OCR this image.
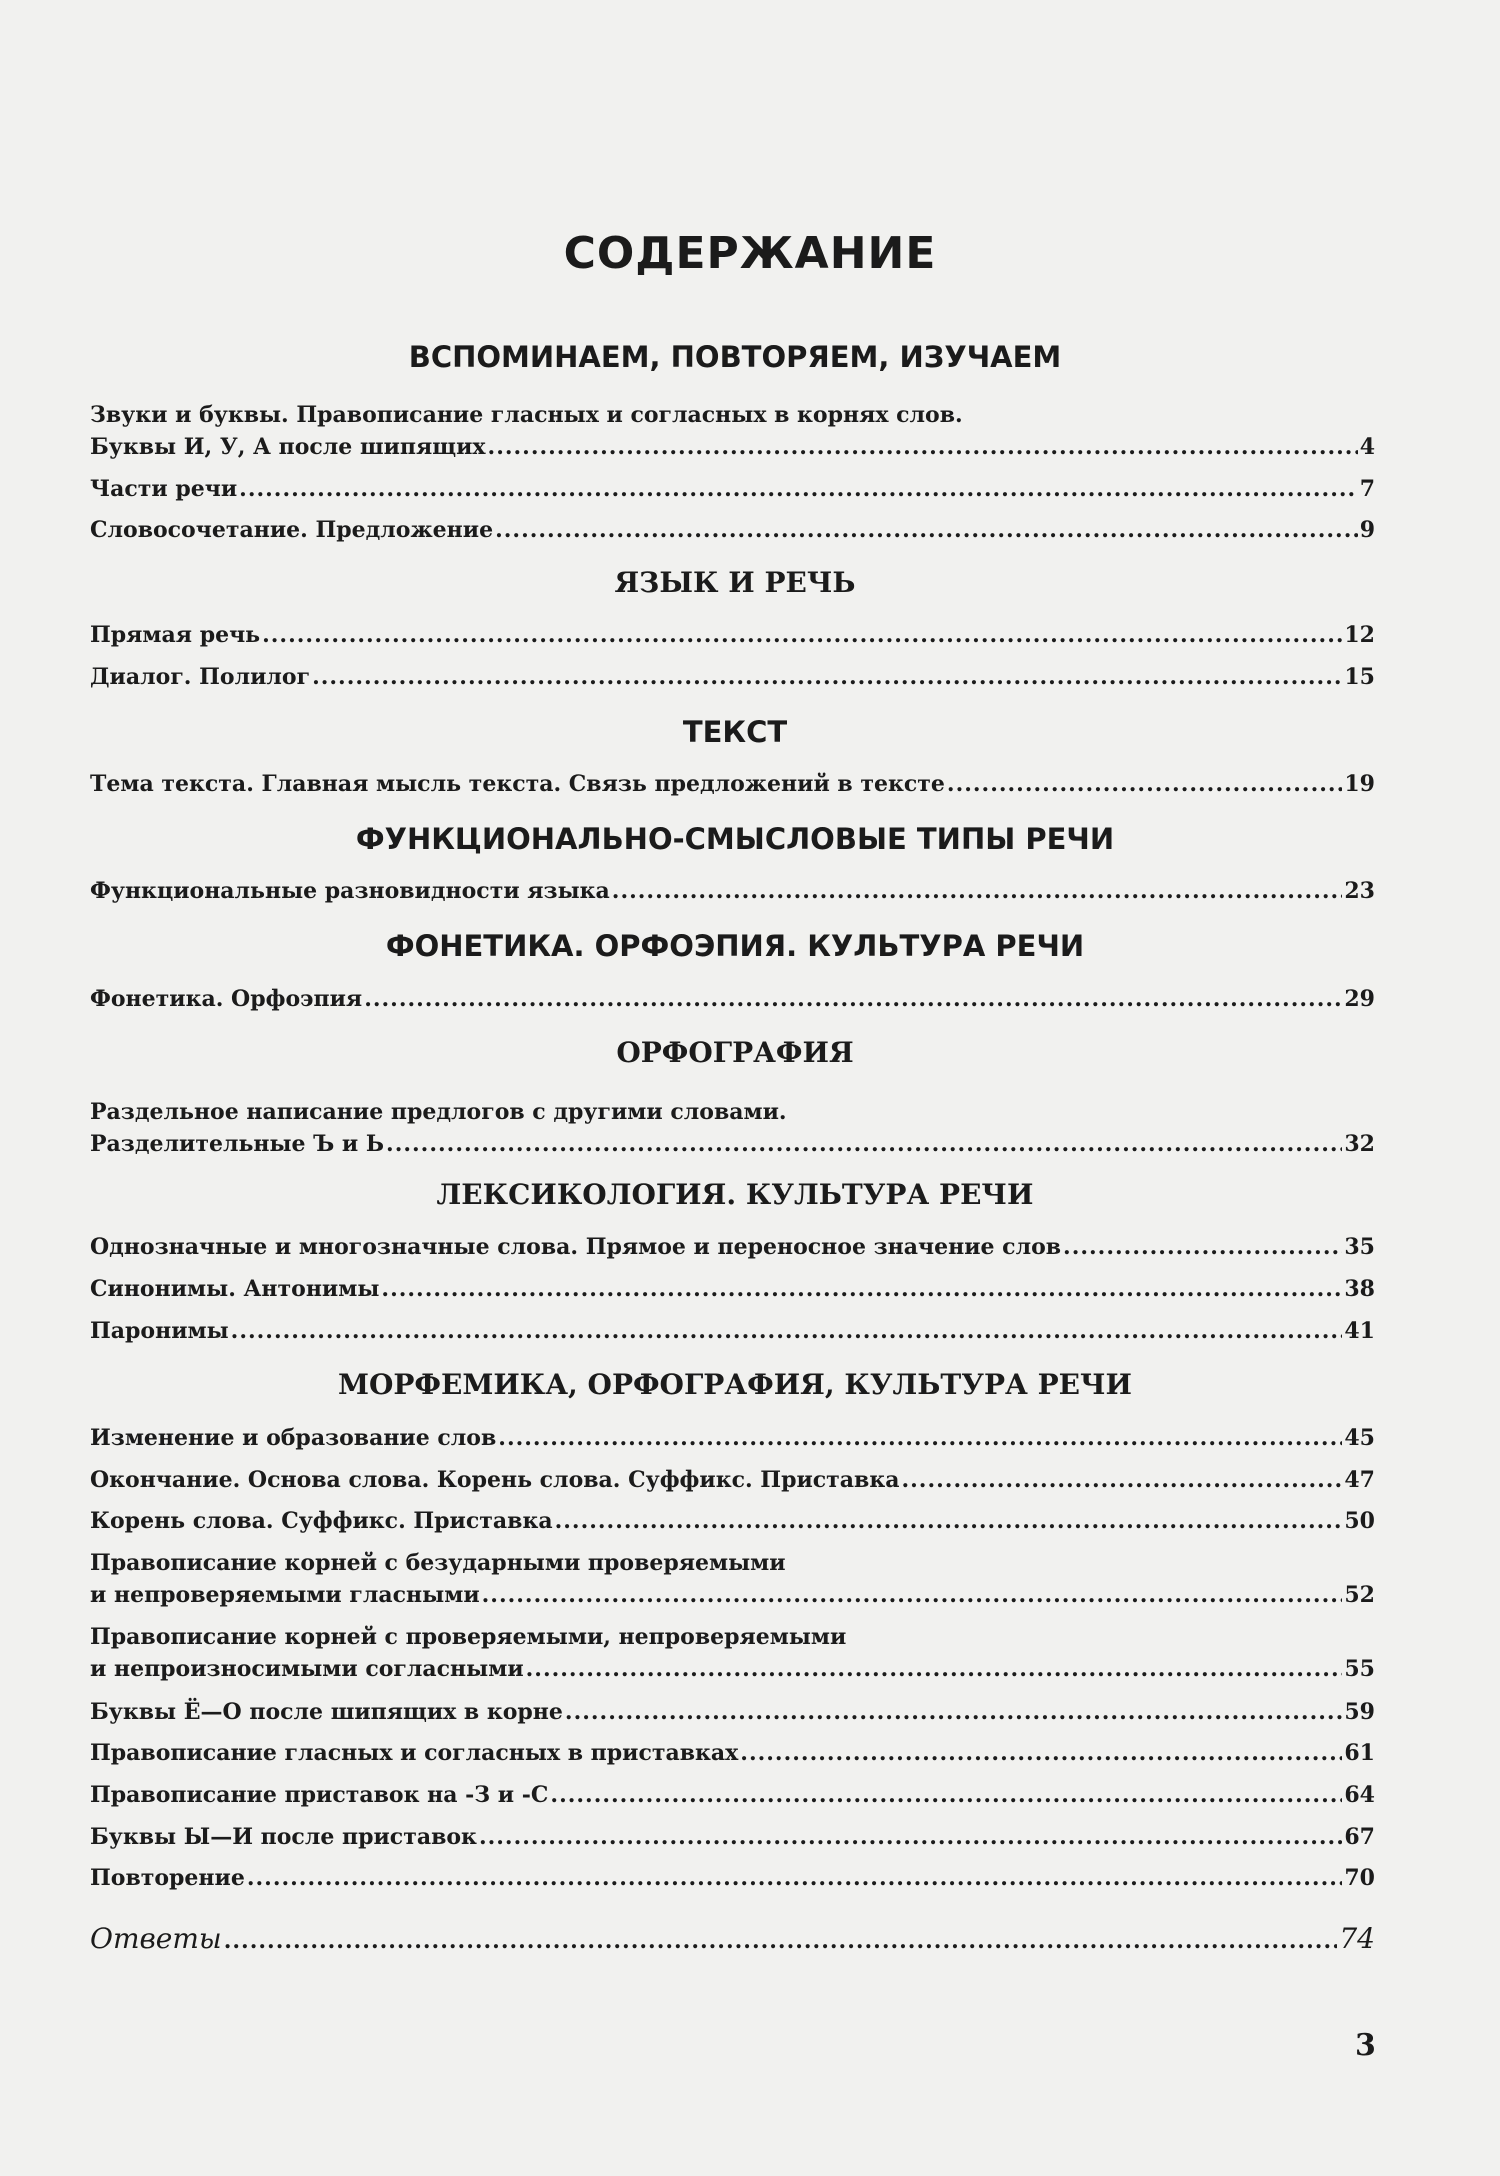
СОДЕРЖАНИЕ
ВСПОМИНАЕМ, ПОВТОРЯЕМ, ИЗУЧАЕМ
Звуки и буквы. Правописание гласных и согласных в корнях слов.
Буквы И, У, А после шипящих .....	4
Части речи .....	7
Словосочетание. Предложение .....	9
ЯЗЫК И РЕЧЬ
Прямая речь .....	12
Диалог. Полилог .....	15
ТЕКСТ
Тема текста. Главная мысль текста. Связь предложений в тексте .....	19
ФУНКЦИОНАЛЬНО-СМЫСЛОВЫЕ ТИПЫ РЕЧИ
Функциональные разновидности языка .....	23
ФОНЕТИКА. ОРФОЭПИЯ. КУЛЬТУРА РЕЧИ
Фонетика. Орфоэпия .....	29
ОРФОГРАФИЯ
Раздельное написание предлогов с другими словами.
Разделительные Ъ и Ь .....	32
ЛЕКСИКОЛОГИЯ. КУЛЬТУРА РЕЧИ
Однозначные и многозначные слова. Прямое и переносное значение слов .....	35
Синонимы. Антонимы .....	38
Паронимы .....	41
МОРФЕМИКА, ОРФОГРАФИЯ, КУЛЬТУРА РЕЧИ
Изменение и образование слов .....	45
Окончание. Основа слова. Корень слова. Суффикс. Приставка .....	47
Корень слова. Суффикс. Приставка .....	50
Правописание корней с безударными проверяемыми
и непроверяемыми гласными .....	52
Правописание корней с проверяемыми, непроверяемыми
и непроизносимыми согласными .....	55
Буквы Ё—О после шипящих в корне .....	59
Правописание гласных и согласных в приставках .....	61
Правописание приставок на -З и -С .....	64
Буквы Ы—И после приставок .....	67
Повторение .....	70
Ответы .....	74
3
